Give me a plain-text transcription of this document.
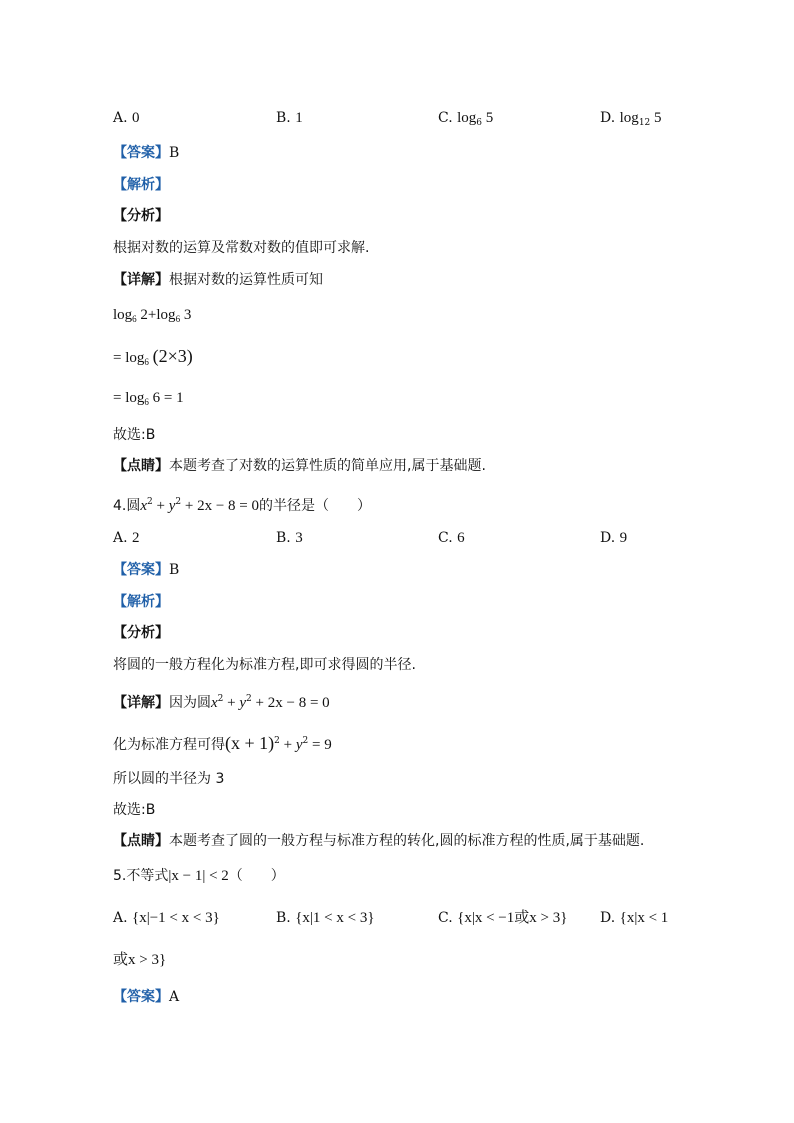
A. 0	B. 1	C. $\log_6 5$	D. $\log_{12} 5$
【答案】B
【解析】
【分析】
根据对数的运算及常数对数的值即可求解.
【详解】根据对数的运算性质可知
$\log_6 2+\log_6$ 3
= $\log_6 (2\times 3)$
= $\log_6 6 = 1$
故选:B
【点睛】本题考查了对数的运算性质的简单应用,属于基础题.
4.圆$x^2 + y^2 + 2x - 8 = 0$的半径是（　　）
A. 2	B. 3	C. 6	D. 9
【答案】B
【解析】
【分析】
将圆的一般方程化为标准方程,即可求得圆的半径.
【详解】因为圆$x^2 + y^2 + 2x - 8 = 0$
化为标准方程可得$(x + 1)^2 + y^2 = 9$
所以圆的半径为 3
故选:B
【点睛】本题考查了圆的一般方程与标准方程的转化,圆的标准方程的性质,属于基础题.
5.不等式|x − 1| < 2（　　）
A. {x|−1 < x < 3}	B. {x|1 < x < 3}	C. {x|x < −1或x > 3} D. {x|x < 1
或x > 3}
【答案】A
